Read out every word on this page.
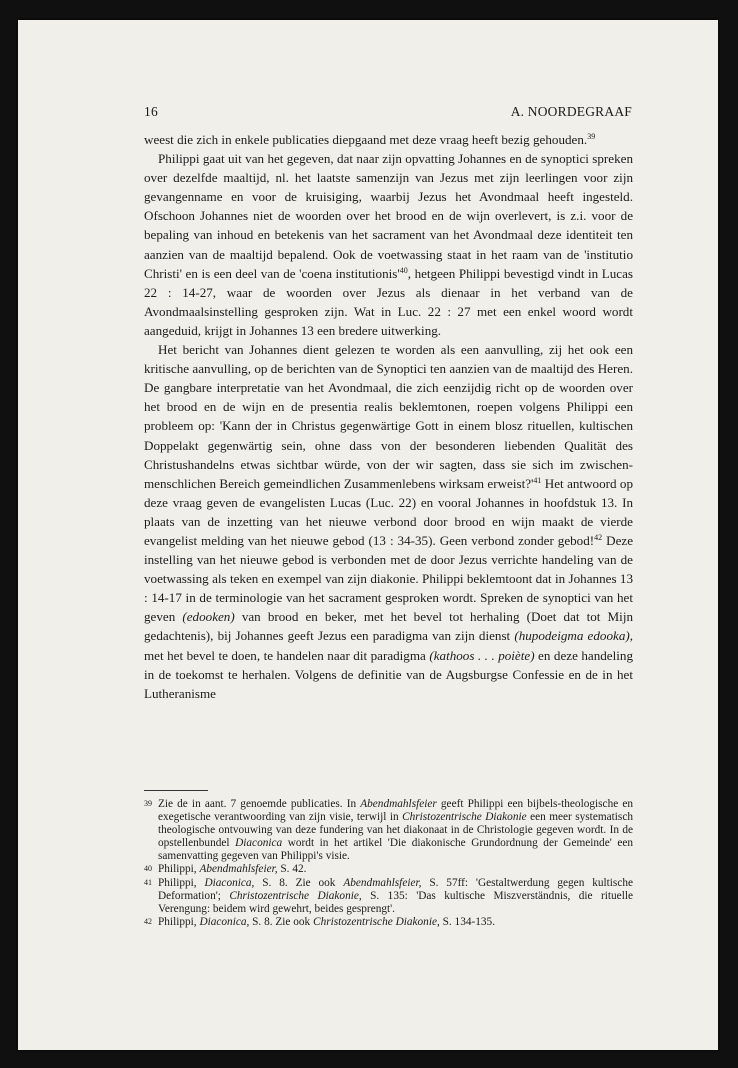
16	A. NOORDEGRAAF

weest die zich in enkele publicaties diepgaand met deze vraag heeft bezig gehouden.$^{39}$

Philippi gaat uit van het gegeven, dat naar zijn opvatting Johannes en de synoptici spreken over dezelfde maaltijd, nl. het laatste samenzijn van Jezus met zijn leerlingen voor zijn gevangenname en voor de kruisiging, waarbij Jezus het Avondmaal heeft ingesteld. Ofschoon Johannes niet de woorden over het brood en de wijn overlevert, is z.i. voor de bepaling van inhoud en betekenis van het sacrament van het Avondmaal deze identiteit ten aanzien van de maaltijd bepalend. Ook de voetwassing staat in het raam van de 'institutio Christi' en is een deel van de 'coena institutionis'$^{40}$, hetgeen Philippi bevestigd vindt in Lucas 22 : 14-27, waar de woorden over Jezus als dienaar in het verband van de Avondmaalsinstelling gesproken zijn. Wat in Luc. 22 : 27 met een enkel woord wordt aangeduid, krijgt in Johannes 13 een bredere uitwerking.

Het bericht van Johannes dient gelezen te worden als een aanvulling, zij het ook een kritische aanvulling, op de berichten van de Synoptici ten aanzien van de maaltijd des Heren. De gangbare interpretatie van het Avondmaal, die zich eenzijdig richt op de woorden over het brood en de wijn en de presentia realis beklemtonen, roepen volgens Philippi een probleem op: 'Kann der in Christus gegenwärtige Gott in einem blosz rituellen, kultischen Doppelakt gegenwärtig sein, ohne dass von der besonderen liebenden Qualität des Christushandelns etwas sichtbar würde, von der wir sagten, dass sie sich im zwischen-menschlichen Bereich gemeindlichen Zusammenlebens wirksam erweist?'$^{41}$ Het antwoord op deze vraag geven de evangelisten Lucas (Luc. 22) en vooral Johannes in hoofdstuk 13. In plaats van de inzetting van het nieuwe verbond door brood en wijn maakt de vierde evangelist melding van het nieuwe gebod (13 : 34-35). Geen verbond zonder gebod!$^{42}$ Deze instelling van het nieuwe gebod is verbonden met de door Jezus verrichte handeling van de voetwassing als teken en exempel van zijn diakonie. Philippi beklemtoont dat in Johannes 13 : 14-17 in de terminologie van het sacrament gesproken wordt. Spreken de synoptici van het geven (edooken) van brood en beker, met het bevel tot herhaling (Doet dat tot Mijn gedachtenis), bij Johannes geeft Jezus een paradigma van zijn dienst (hupodeigma edooka), met het bevel te doen, te handelen naar dit paradigma (kathoos . . . poiète) en deze handeling in de toekomst te herhalen. Volgens de definitie van de Augsburgse Confessie en de in het Lutheranisme

39 Zie de in aant. 7 genoemde publicaties. In Abendmahlsfeier geeft Philippi een bijbels-theologische en exegetische verantwoording van zijn visie, terwijl in Christozentrische Diakonie een meer systematisch theologische ontvouwing van deze fundering van het diakonaat in de Christologie gegeven wordt. In de opstellenbundel Diaconica wordt in het artikel 'Die diakonische Grundordnung der Gemeinde' een samenvatting gegeven van Philippi's visie.
40 Philippi, Abendmahlsfeier, S. 42.
41 Philippi, Diaconica, S. 8. Zie ook Abendmahlsfeier, S. 57ff: 'Gestaltwerdung gegen kultische Deformation'; Christozentrische Diakonie, S. 135: 'Das kultische Miszverständnis, die rituelle Verengung: beidem wird gewehrt, beides gesprengt'.
42 Philippi, Diaconica, S. 8. Zie ook Christozentrische Diakonie, S. 134-135.
